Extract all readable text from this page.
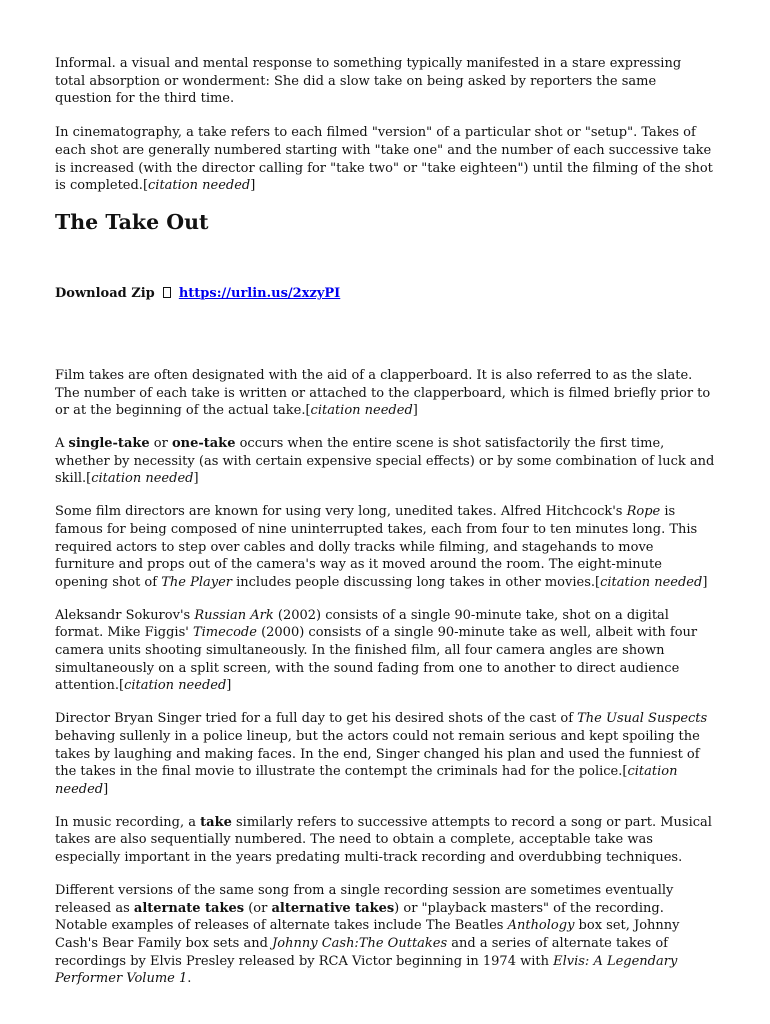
Informal. a visual and mental response to something typically manifested in a stare expressing total absorption or wonderment: She did a slow take on being asked by reporters the same question for the third time.

In cinematography, a take refers to each filmed "version" of a particular shot or "setup". Takes of each shot are generally numbered starting with "take one" and the number of each successive take is increased (with the director calling for "take two" or "take eighteen") until the filming of the shot is completed.[citation needed]

The Take Out
Download Zip https://urlin.us/2xzyPI

Film takes are often designated with the aid of a clapperboard. It is also referred to as the slate. The number of each take is written or attached to the clapperboard, which is filmed briefly prior to or at the beginning of the actual take.[citation needed]

A single-take or one-take occurs when the entire scene is shot satisfactorily the first time, whether by necessity (as with certain expensive special effects) or by some combination of luck and skill.[citation needed]

Some film directors are known for using very long, unedited takes. Alfred Hitchcock's Rope is famous for being composed of nine uninterrupted takes, each from four to ten minutes long. This required actors to step over cables and dolly tracks while filming, and stagehands to move furniture and props out of the camera's way as it moved around the room. The eight-minute opening shot of The Player includes people discussing long takes in other movies.[citation needed]

Aleksandr Sokurov's Russian Ark (2002) consists of a single 90-minute take, shot on a digital format. Mike Figgis' Timecode (2000) consists of a single 90-minute take as well, albeit with four camera units shooting simultaneously. In the finished film, all four camera angles are shown simultaneously on a split screen, with the sound fading from one to another to direct audience attention.[citation needed]

Director Bryan Singer tried for a full day to get his desired shots of the cast of The Usual Suspects behaving sullenly in a police lineup, but the actors could not remain serious and kept spoiling the takes by laughing and making faces. In the end, Singer changed his plan and used the funniest of the takes in the final movie to illustrate the contempt the criminals had for the police.[citation needed]

In music recording, a take similarly refers to successive attempts to record a song or part. Musical takes are also sequentially numbered. The need to obtain a complete, acceptable take was especially important in the years predating multi-track recording and overdubbing techniques.

Different versions of the same song from a single recording session are sometimes eventually released as alternate takes (or alternative takes) or "playback masters" of the recording. Notable examples of releases of alternate takes include The Beatles Anthology box set, Johnny Cash's Bear Family box sets and Johnny Cash:The Outtakes and a series of alternate takes of recordings by Elvis Presley released by RCA Victor beginning in 1974 with Elvis: A Legendary Performer Volume 1.
